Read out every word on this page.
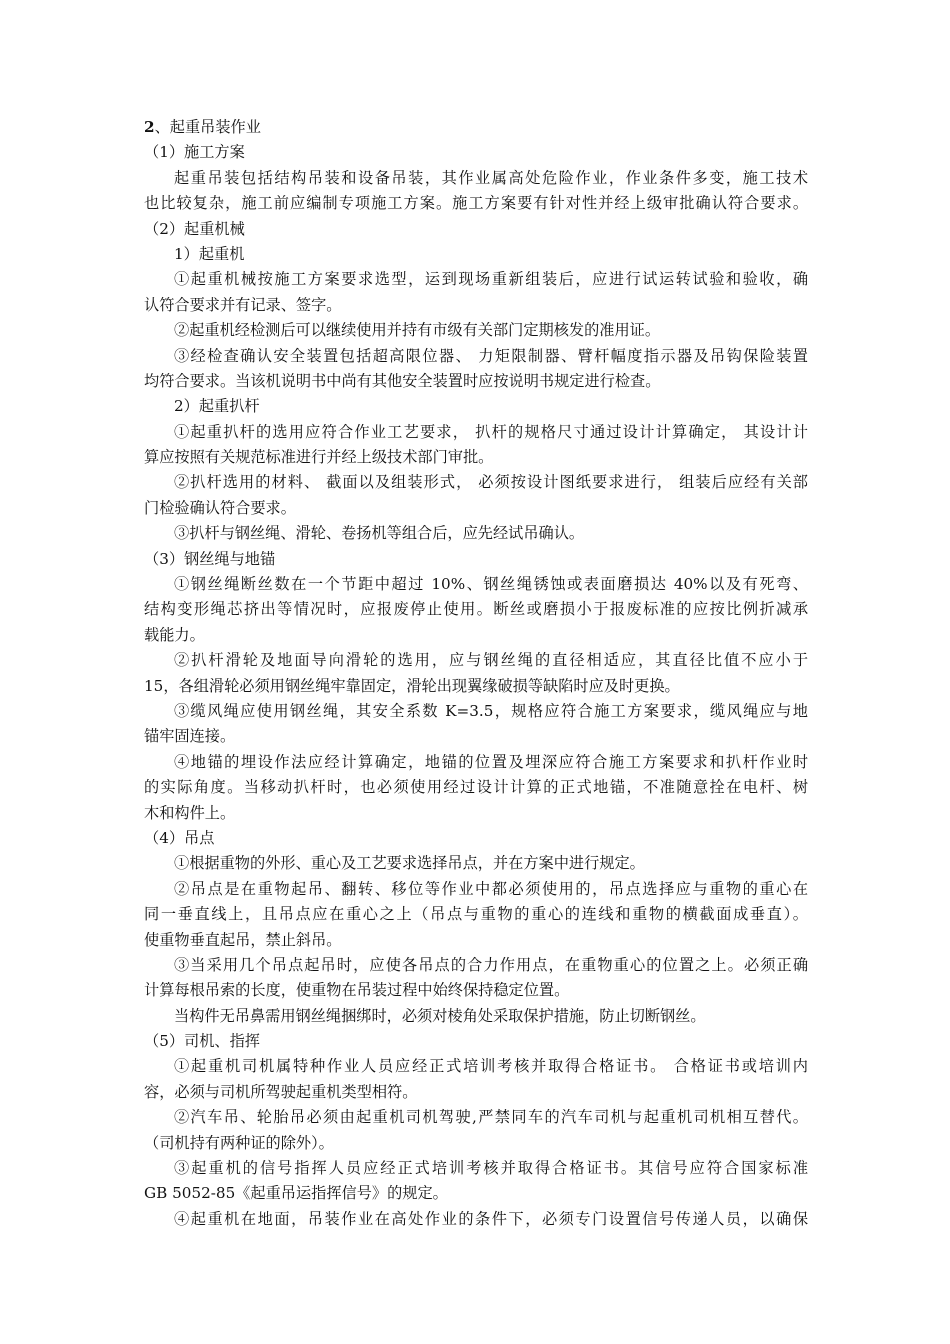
2、起重吊装作业
（1）施工方案
起重吊装包括结构吊装和设备吊装，其作业属高处危险作业，作业条件多变，施工技术
也比较复杂，施工前应编制专项施工方案。施工方案要有针对性并经上级审批确认符合要求。
（2）起重机械
1）起重机
①起重机械按施工方案要求选型，运到现场重新组装后，应进行试运转试验和验收，确
认符合要求并有记录、签字。
②起重机经检测后可以继续使用并持有市级有关部门定期核发的准用证。
③经检查确认安全装置包括超高限位器、 力矩限制器、臂杆幅度指示器及吊钩保险装置
均符合要求。当该机说明书中尚有其他安全装置时应按说明书规定进行检查。
2）起重扒杆
①起重扒杆的选用应符合作业工艺要求， 扒杆的规格尺寸通过设计计算确定， 其设计计
算应按照有关规范标准进行并经上级技术部门审批。
②扒杆选用的材料、 截面以及组装形式， 必须按设计图纸要求进行， 组装后应经有关部
门检验确认符合要求。
③扒杆与钢丝绳、滑轮、卷扬机等组合后，应先经试吊确认。
（3）钢丝绳与地锚
①钢丝绳断丝数在一个节距中超过 10%、钢丝绳锈蚀或表面磨损达 40%以及有死弯、
结构变形绳芯挤出等情况时，应报废停止使用。断丝或磨损小于报废标准的应按比例折减承
载能力。
②扒杆滑轮及地面导向滑轮的选用，应与钢丝绳的直径相适应，其直径比值不应小于
15，各组滑轮必须用钢丝绳牢靠固定，滑轮出现翼缘破损等缺陷时应及时更换。
③缆风绳应使用钢丝绳，其安全系数 K=3.5，规格应符合施工方案要求，缆风绳应与地
锚牢固连接。
④地锚的埋设作法应经计算确定，地锚的位置及埋深应符合施工方案要求和扒杆作业时
的实际角度。当移动扒杆时，也必须使用经过设计计算的正式地锚，不准随意拴在电杆、树
木和构件上。
（4）吊点
①根据重物的外形、重心及工艺要求选择吊点，并在方案中进行规定。
②吊点是在重物起吊、翻转、移位等作业中都必须使用的，吊点选择应与重物的重心在
同一垂直线上，且吊点应在重心之上（吊点与重物的重心的连线和重物的横截面成垂直）。
使重物垂直起吊，禁止斜吊。
③当采用几个吊点起吊时，应使各吊点的合力作用点，在重物重心的位置之上。必须正确
计算每根吊索的长度，使重物在吊装过程中始终保持稳定位置。
当构件无吊鼻需用钢丝绳捆绑时，必须对棱角处采取保护措施，防止切断钢丝。
（5）司机、指挥
①起重机司机属特种作业人员应经正式培训考核并取得合格证书。 合格证书或培训内
容，必须与司机所驾驶起重机类型相符。
②汽车吊、轮胎吊必须由起重机司机驾驶,严禁同车的汽车司机与起重机司机相互替代。
（司机持有两种证的除外）。
③起重机的信号指挥人员应经正式培训考核并取得合格证书。其信号应符合国家标准
GB 5052-85《起重吊运指挥信号》的规定。
④起重机在地面，吊装作业在高处作业的条件下，必须专门设置信号传递人员，以确保
